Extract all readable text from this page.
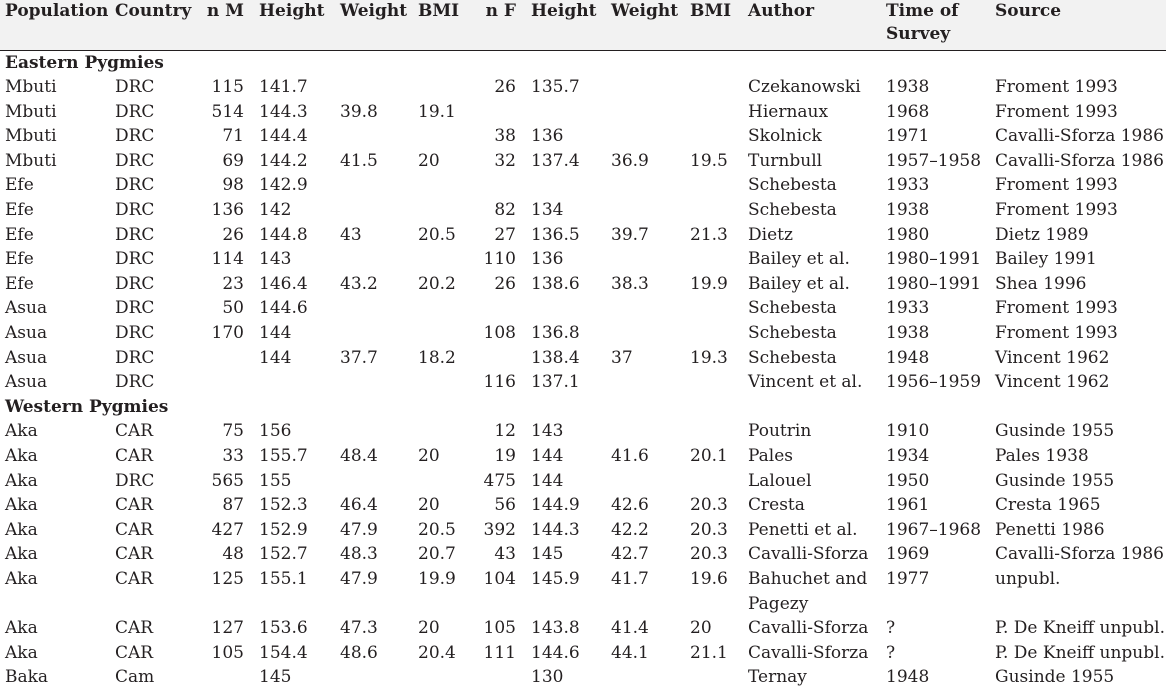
Population	Country	n M	Height	Weight	BMI	n F	Height	Weight	BMI	Author	Time of Survey	Source
Eastern Pygmies												
Mbuti	DRC	115	141.7			26	135.7			Czekanowski	1938	Froment 1993
Mbuti	DRC	514	144.3	39.8	19.1					Hiernaux	1968	Froment 1993
Mbuti	DRC	71	144.4			38	136			Skolnick	1971	Cavalli-Sforza 1986
Mbuti	DRC	69	144.2	41.5	20	32	137.4	36.9	19.5	Turnbull	1957–1958	Cavalli-Sforza 1986
Efe	DRC	98	142.9							Schebesta	1933	Froment 1993
Efe	DRC	136	142			82	134			Schebesta	1938	Froment 1993
Efe	DRC	26	144.8	43	20.5	27	136.5	39.7	21.3	Dietz	1980	Dietz 1989
Efe	DRC	114	143			110	136			Bailey et al.	1980–1991	Bailey 1991
Efe	DRC	23	146.4	43.2	20.2	26	138.6	38.3	19.9	Bailey et al.	1980–1991	Shea 1996
Asua	DRC	50	144.6							Schebesta	1933	Froment 1993
Asua	DRC	170	144			108	136.8			Schebesta	1938	Froment 1993
Asua	DRC		144	37.7	18.2		138.4	37	19.3	Schebesta	1948	Vincent 1962
Asua	DRC					116	137.1			Vincent et al.	1956–1959	Vincent 1962
Western Pygmies												
Aka	CAR	75	156			12	143			Poutrin	1910	Gusinde 1955
Aka	CAR	33	155.7	48.4	20	19	144	41.6	20.1	Pales	1934	Pales 1938
Aka	DRC	565	155			475	144			Lalouel	1950	Gusinde 1955
Aka	CAR	87	152.3	46.4	20	56	144.9	42.6	20.3	Cresta	1961	Cresta 1965
Aka	CAR	427	152.9	47.9	20.5	392	144.3	42.2	20.3	Penetti et al.	1967–1968	Penetti 1986
Aka	CAR	48	152.7	48.3	20.7	43	145	42.7	20.3	Cavalli-Sforza	1969	Cavalli-Sforza 1986
Aka	CAR	125	155.1	47.9	19.9	104	145.9	41.7	19.6	Bahuchet and Pagezy	1977	unpubl.
Aka	CAR	127	153.6	47.3	20	105	143.8	41.4	20	Cavalli-Sforza	?	P. De Kneiff unpubl.
Aka	CAR	105	154.4	48.6	20.4	111	144.6	44.1	21.1	Cavalli-Sforza	?	P. De Kneiff unpubl.
Baka	Cam		145				130			Ternay	1948	Gusinde 1955
